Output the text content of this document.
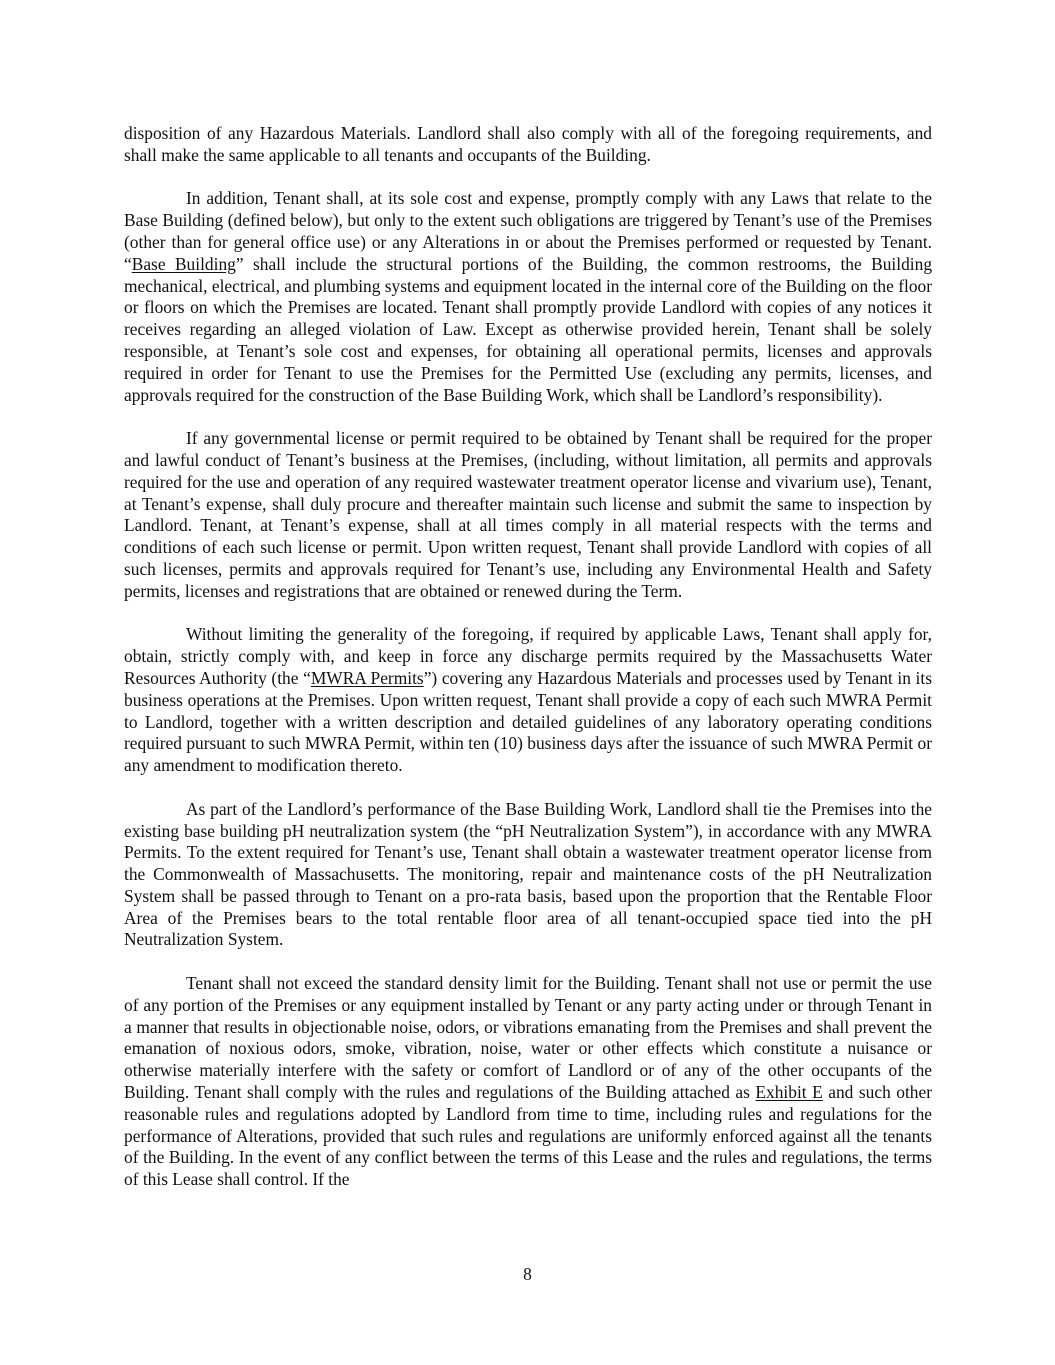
disposition of any Hazardous Materials. Landlord shall also comply with all of the foregoing requirements, and shall make the same applicable to all tenants and occupants of the Building.

In addition, Tenant shall, at its sole cost and expense, promptly comply with any Laws that relate to the Base Building (defined below), but only to the extent such obligations are triggered by Tenant’s use of the Premises (other than for general office use) or any Alterations in or about the Premises performed or requested by Tenant. “Base Building” shall include the structural portions of the Building, the common restrooms, the Building mechanical, electrical, and plumbing systems and equipment located in the internal core of the Building on the floor or floors on which the Premises are located. Tenant shall promptly provide Landlord with copies of any notices it receives regarding an alleged violation of Law. Except as otherwise provided herein, Tenant shall be solely responsible, at Tenant’s sole cost and expenses, for obtaining all operational permits, licenses and approvals required in order for Tenant to use the Premises for the Permitted Use (excluding any permits, licenses, and approvals required for the construction of the Base Building Work, which shall be Landlord’s responsibility).

If any governmental license or permit required to be obtained by Tenant shall be required for the proper and lawful conduct of Tenant’s business at the Premises, (including, without limitation, all permits and approvals required for the use and operation of any required wastewater treatment operator license and vivarium use), Tenant, at Tenant’s expense, shall duly procure and thereafter maintain such license and submit the same to inspection by Landlord. Tenant, at Tenant’s expense, shall at all times comply in all material respects with the terms and conditions of each such license or permit. Upon written request, Tenant shall provide Landlord with copies of all such licenses, permits and approvals required for Tenant’s use, including any Environmental Health and Safety permits, licenses and registrations that are obtained or renewed during the Term.

Without limiting the generality of the foregoing, if required by applicable Laws, Tenant shall apply for, obtain, strictly comply with, and keep in force any discharge permits required by the Massachusetts Water Resources Authority (the “MWRA Permits”) covering any Hazardous Materials and processes used by Tenant in its business operations at the Premises. Upon written request, Tenant shall provide a copy of each such MWRA Permit to Landlord, together with a written description and detailed guidelines of any laboratory operating conditions required pursuant to such MWRA Permit, within ten (10) business days after the issuance of such MWRA Permit or any amendment to modification thereto.

As part of the Landlord’s performance of the Base Building Work, Landlord shall tie the Premises into the existing base building pH neutralization system (the “pH Neutralization System”), in accordance with any MWRA Permits. To the extent required for Tenant’s use, Tenant shall obtain a wastewater treatment operator license from the Commonwealth of Massachusetts. The monitoring, repair and maintenance costs of the pH Neutralization System shall be passed through to Tenant on a pro-rata basis, based upon the proportion that the Rentable Floor Area of the Premises bears to the total rentable floor area of all tenant-occupied space tied into the pH Neutralization System.

Tenant shall not exceed the standard density limit for the Building. Tenant shall not use or permit the use of any portion of the Premises or any equipment installed by Tenant or any party acting under or through Tenant in a manner that results in objectionable noise, odors, or vibrations emanating from the Premises and shall prevent the emanation of noxious odors, smoke, vibration, noise, water or other effects which constitute a nuisance or otherwise materially interfere with the safety or comfort of Landlord or of any of the other occupants of the Building. Tenant shall comply with the rules and regulations of the Building attached as Exhibit E and such other reasonable rules and regulations adopted by Landlord from time to time, including rules and regulations for the performance of Alterations, provided that such rules and regulations are uniformly enforced against all the tenants of the Building. In the event of any conflict between the terms of this Lease and the rules and regulations, the terms of this Lease shall control. If the

8
